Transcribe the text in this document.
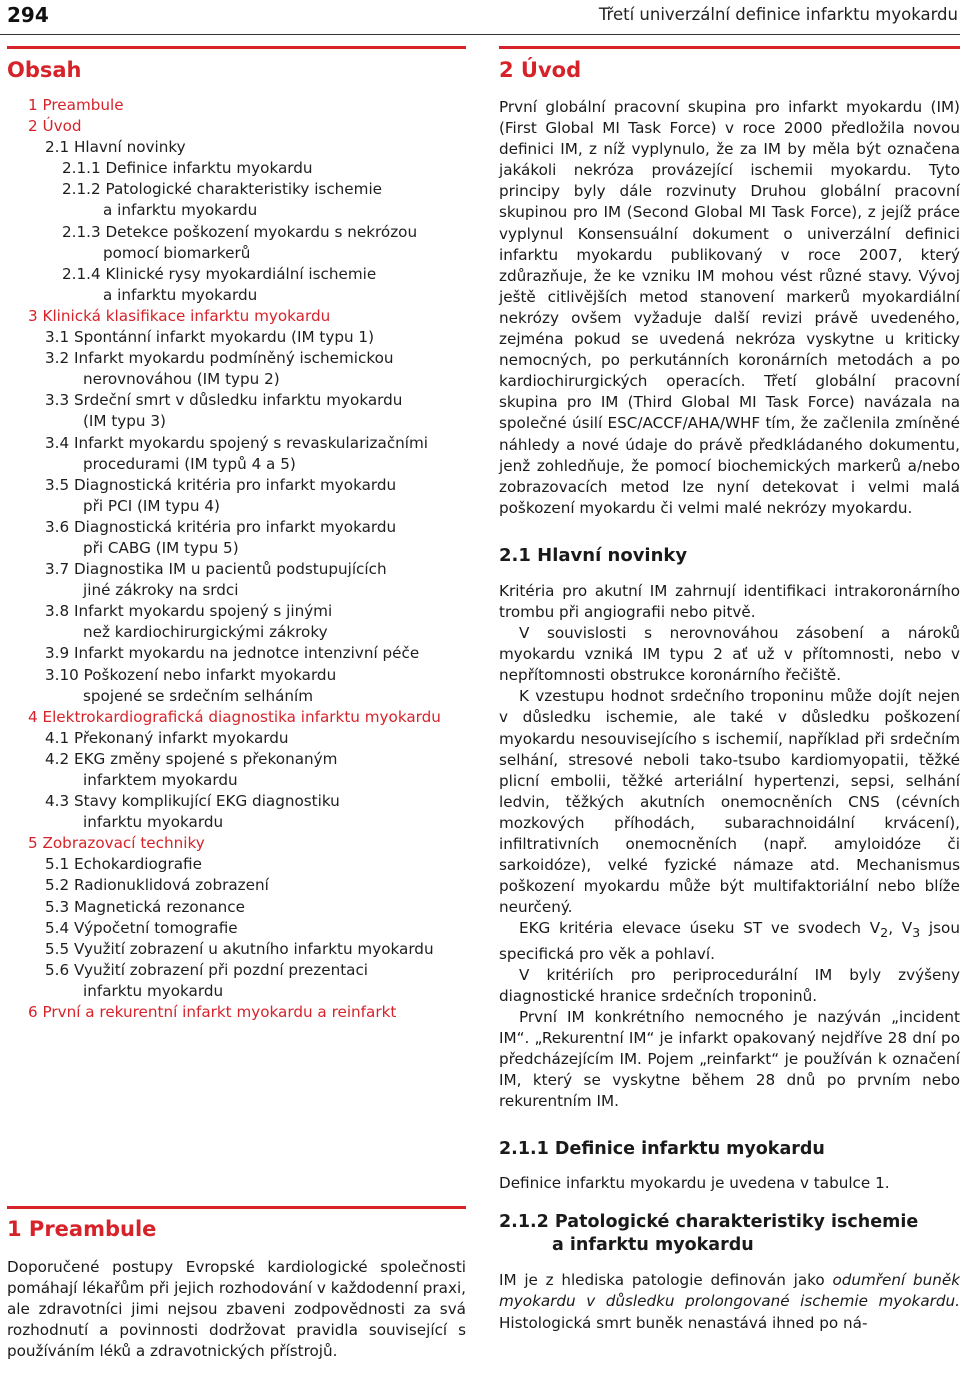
294	Třetí univerzální definice infarktu myokardu
Obsah
1 Preambule
2 Úvod
2.1 Hlavní novinky
2.1.1 Definice infarktu myokardu
2.1.2 Patologické charakteristiky ischemie
a infarktu myokardu
2.1.3 Detekce poškození myokardu s nekrózou
pomocí biomarkerů
2.1.4 Klinické rysy myokardiální ischemie
a infarktu myokardu
3 Klinická klasifikace infarktu myokardu
3.1 Spontánní infarkt myokardu (IM typu 1)
3.2 Infarkt myokardu podmíněný ischemickou
nerovnováhou (IM typu 2)
3.3 Srdeční smrt v důsledku infarktu myokardu
(IM typu 3)
3.4 Infarkt myokardu spojený s revaskularizačními
procedurami (IM typů 4 a 5)
3.5 Diagnostická kritéria pro infarkt myokardu
při PCI (IM typu 4)
3.6 Diagnostická kritéria pro infarkt myokardu
při CABG (IM typu 5)
3.7 Diagnostika IM u pacientů podstupujících
jiné zákroky na srdci
3.8 Infarkt myokardu spojený s jinými
než kardiochirurgickými zákroky
3.9 Infarkt myokardu na jednotce intenzivní péče
3.10 Poškození nebo infarkt myokardu
spojené se srdečním selháním
4 Elektrokardiografická diagnostika infarktu myokardu
4.1 Překonaný infarkt myokardu
4.2 EKG změny spojené s překonaným
infarktem myokardu
4.3 Stavy komplikující EKG diagnostiku
infarktu myokardu
5 Zobrazovací techniky
5.1 Echokardiografie
5.2 Radionuklidová zobrazení
5.3 Magnetická rezonance
5.4 Výpočetní tomografie
5.5 Využití zobrazení u akutního infarktu myokardu
5.6 Využití zobrazení při pozdní prezentaci
infarktu myokardu
6 První a rekurentní infarkt myokardu a reinfarkt
1 Preambule

Doporučené postupy Evropské kardiologické společnosti pomáhají lékařům při jejich rozhodování v každodenní praxi, ale zdravotníci jimi nejsou zbaveni zodpovědnosti za svá rozhodnutí a povinnosti dodržovat pravidla související s používáním léků a zdravotnických přístrojů.

2 Úvod

První globální pracovní skupina pro infarkt myokardu (IM) (First Global MI Task Force) v roce 2000 předložila novou definici IM, z níž vyplynulo, že za IM by měla být označena jakákoli nekróza provázející ischemii myokardu. Tyto principy byly dále rozvinuty Druhou globální pracovní skupinou pro IM (Second Global MI Task Force), z jejíž práce vyplynul Konsensuální dokument o univerzální definici infarktu myokardu publikovaný v roce 2007, který zdůrazňuje, že ke vzniku IM mohou vést různé stavy. Vývoj ještě citlivějších metod stanovení markerů myokardiální nekrózy ovšem vyžaduje další revizi právě uvedeného, zejména pokud se uvedená nekróza vyskytne u kriticky nemocných, po perkutánních koronárních metodách a po kardiochirurgických operacích. Třetí globální pracovní skupina pro IM (Third Global MI Task Force) navázala na společné úsilí ESC/ACCF/AHA/WHF tím, že začlenila zmíněné náhledy a nové údaje do právě předkládaného dokumentu, jenž zohledňuje, že pomocí biochemických markerů a/nebo zobrazovacích metod lze nyní detekovat i velmi malá poškození myokardu či velmi malé nekrózy myokardu.

2.1 Hlavní novinky

Kritéria pro akutní IM zahrnují identifikaci intrakoronárního trombu při angiografii nebo pitvě.

V souvislosti s nerovnováhou zásobení a nároků myokardu vzniká IM typu 2 ať už v přítomnosti, nebo v nepřítomnosti obstrukce koronárního řečiště.

K vzestupu hodnot srdečního troponinu může dojít nejen v důsledku ischemie, ale také v důsledku poškození myokardu nesouvisejícího s ischemií, například při srdečním selhání, stresové neboli tako-tsubo kardiomyopatii, těžké plicní embolii, těžké arteriální hypertenzi, sepsi, selhání ledvin, těžkých akutních onemocněních CNS (cévních mozkových příhodách, subarachnoidální krvácení), infiltrativních onemocněních (např. amyloidóze či sarkoidóze), velké fyzické námaze atd. Mechanismus poškození myokardu může být multifaktoriální nebo blíže neurčený.

EKG kritéria elevace úseku ST ve svodech $V_2$, $V_3$ jsou specifická pro věk a pohlaví.

V kritériích pro periprocedurální IM byly zvýšeny diagnostické hranice srdečních troponinů.

První IM konkrétního nemocného je nazýván „incident IM“. „Rekurentní IM“ je infarkt opakovaný nejdříve 28 dní po předcházejícím IM. Pojem „reinfarkt“ je používán k označení IM, který se vyskytne během 28 dnů po prvním nebo rekurentním IM.

2.1.1 Definice infarktu myokardu

Definice infarktu myokardu je uvedena v tabulce 1.

2.1.2 Patologické charakteristiky ischemie
a infarktu myokardu

IM je z hlediska patologie definován jako odumření buněk myokardu v důsledku prolongované ischemie myokardu. Histologická smrt buněk nenastává ihned po ná-
